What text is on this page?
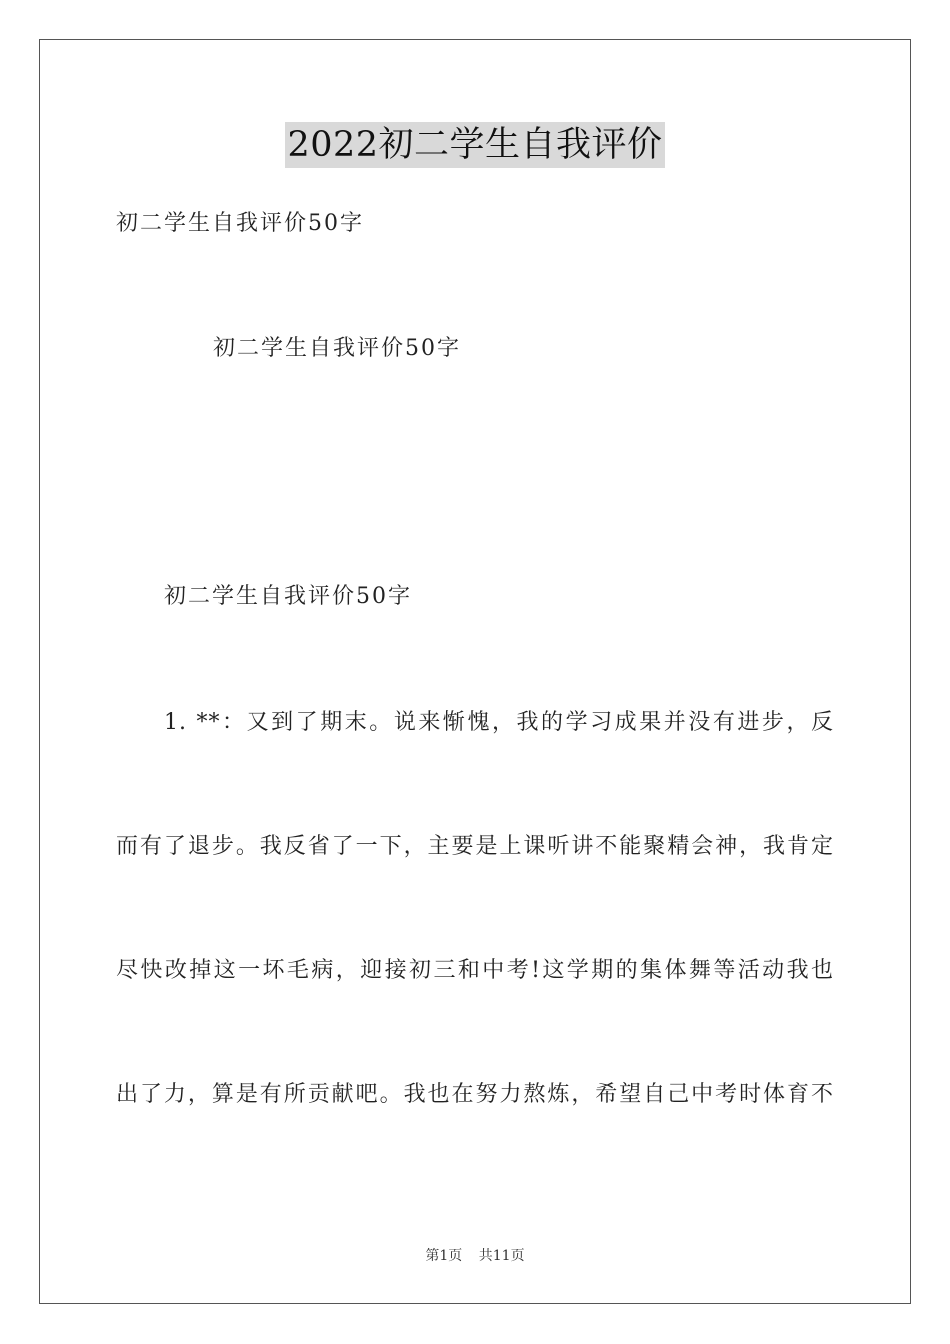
2022初二学生自我评价
初二学生自我评价50字
初二学生自我评价50字
初二学生自我评价50字
1. **：又到了期末。说来惭愧，我的学习成果并没有进步，反
而有了退步。我反省了一下，主要是上课听讲不能聚精会神，我肯定
尽快改掉这一坏毛病，迎接初三和中考!这学期的集体舞等活动我也
出了力，算是有所贡献吧。我也在努力熬炼，希望自己中考时体育不
第1页 共11页
